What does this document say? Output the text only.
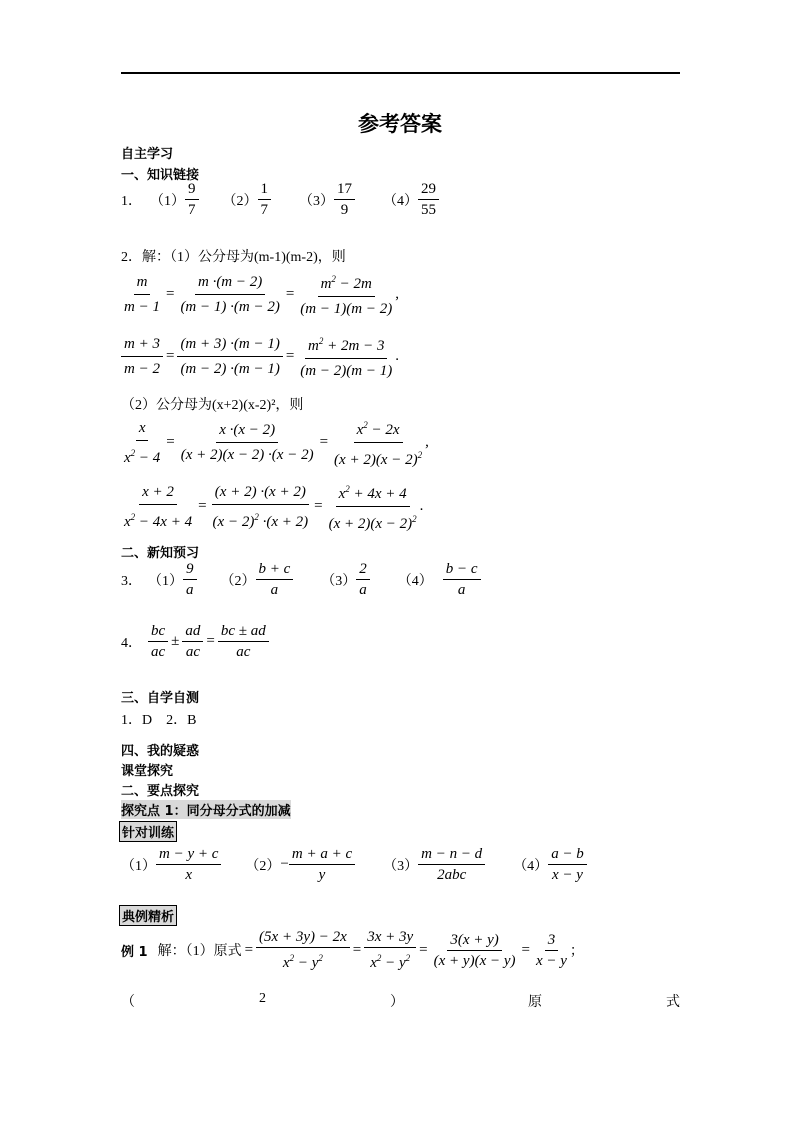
参考答案
自主学习
一、知识链接
1． $(1) \frac{9}{7} (2) \frac{1}{7} (3) \frac{17}{9} (4) \frac{29}{55}$
2．解：（1）公分母为(m-1)(m-2)，则
$\frac{m}{m - 1} = \frac{m \cdot(m - 2)}{(m - 1) \cdot(m - 2)} = \frac{m^2 - 2m}{(m - 1)(m - 2)}$ ,
$\frac{m + 3}{m - 2} = \frac{(m + 3) \cdot(m - 1)}{(m - 2) \cdot(m - 1)} = \frac{m^2 + 2m - 3}{(m - 2)(m - 1)}$ .
（2）公分母为(x+2)(x-2)²，则
$\frac{x}{x^2 - 4} = \frac{x \cdot(x - 2)}{(x + 2)(x - 2) \cdot(x - 2)} = \frac{x^2 - 2x}{(x + 2)(x - 2)^2}$ ,
$\frac{x + 2}{x^2 - 4x + 4} = \frac{(x + 2) \cdot(x + 2)}{(x - 2)^2 \cdot(x + 2)} = \frac{x^2 + 4x + 4}{(x + 2)(x - 2)^2}$ .
二、新知预习
3． $(1) \frac{9}{a} (2) \frac{b + c}{a} (3) \frac{2}{a} (4) \frac{b - c}{a}$
4． $\frac{bc}{ac} \pm \frac{ad}{ac} = \frac{bc \pm ad}{ac}$
三、自学自测
1．D　2．B
四、我的疑惑
课堂探究
二、要点探究
探究点 1：同分母分式的加减
针对训练
$(1) \frac{m - y + c}{x} (2) - \frac{m + a + c}{y} (3) \frac{m - n - d}{\text{2abc}} (4) \frac{a - b}{x - y}$
典例精析
例 1 解：（1）原式 = $\frac{(5x + 3y) - 2x}{x^2 - y^2} = \frac{3x + 3y}{x^2 - y^2} = \frac{3(x + y)}{(x + y)(x - y)} = \frac{3}{x - y}$ ；
（	2	）	原	式
